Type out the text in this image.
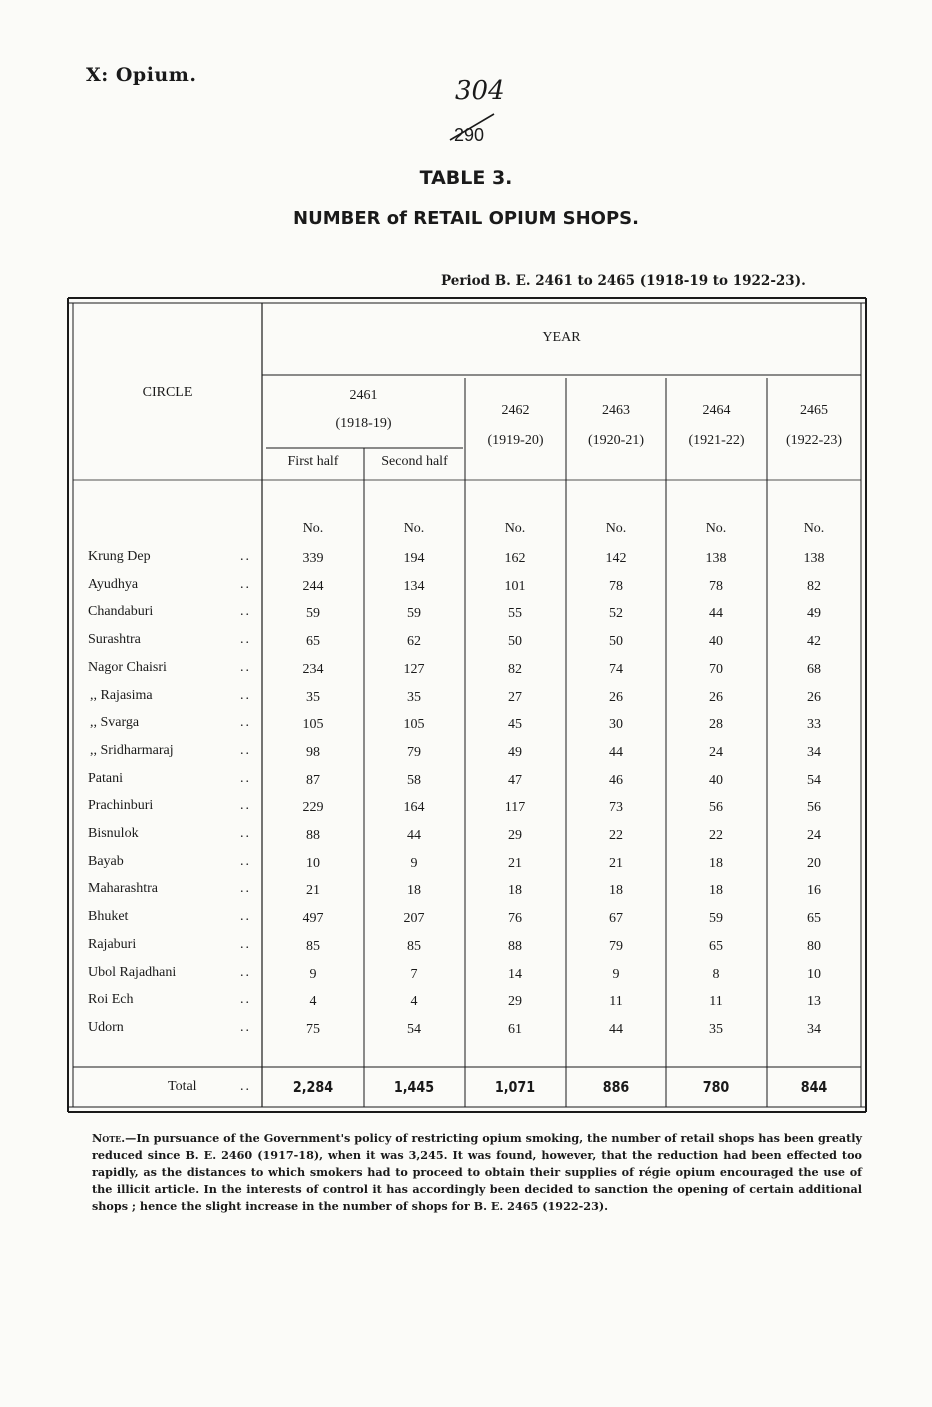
X: Opium.
304
290
TABLE 3.
NUMBER of RETAIL OPIUM SHOPS.
Period B. E. 2461 to 2465 (1918-19 to 1922-23).
CIRCLE
YEAR
2461
(1918-19)
First half	Second half
2462
(1919-20)
2463
(1920-21)
2464
(1921-22)
2465
(1922-23)
No.	No.	No.	No.	No.	No.
Krung Dep	..	339	194	162	142	138	138
Ayudhya	..	244	134	101	78	78	82
Chandaburi	..	59	59	55	52	44	49
Surashtra	..	65	62	50	50	40	42
Nagor Chaisri	..	234	127	82	74	70	68
,, Rajasima	..	35	35	27	26	26	26
,, Svarga	..	105	105	45	30	28	33
,, Sridharmaraj	..	98	79	49	44	24	34
Patani	..	87	58	47	46	40	54
Prachinburi	..	229	164	117	73	56	56
Bisnulok	..	88	44	29	22	22	24
Bayab	..	10	9	21	21	18	20
Maharashtra	..	21	18	18	18	18	16
Bhuket	..	497	207	76	67	59	65
Rajaburi	..	85	85	88	79	65	80
Ubol Rajadhani	..	9	7	14	9	8	10
Roi Ech	..	4	4	29	11	11	13
Udorn	..	75	54	61	44	35	34
Total	..	2,284	1,445	1,071	886	780	844
Note.—In pursuance of the Government's policy of restricting opium smoking, the number of retail shops has been greatly reduced since B. E. 2460 (1917-18), when it was 3,245. It was found, however, that the reduction had been effected too rapidly, as the distances to which smokers had to proceed to obtain their supplies of régie opium encouraged the use of the illicit article. In the interests of control it has accordingly been decided to sanction the opening of certain additional shops ; hence the slight increase in the number of shops for B. E. 2465 (1922-23).
